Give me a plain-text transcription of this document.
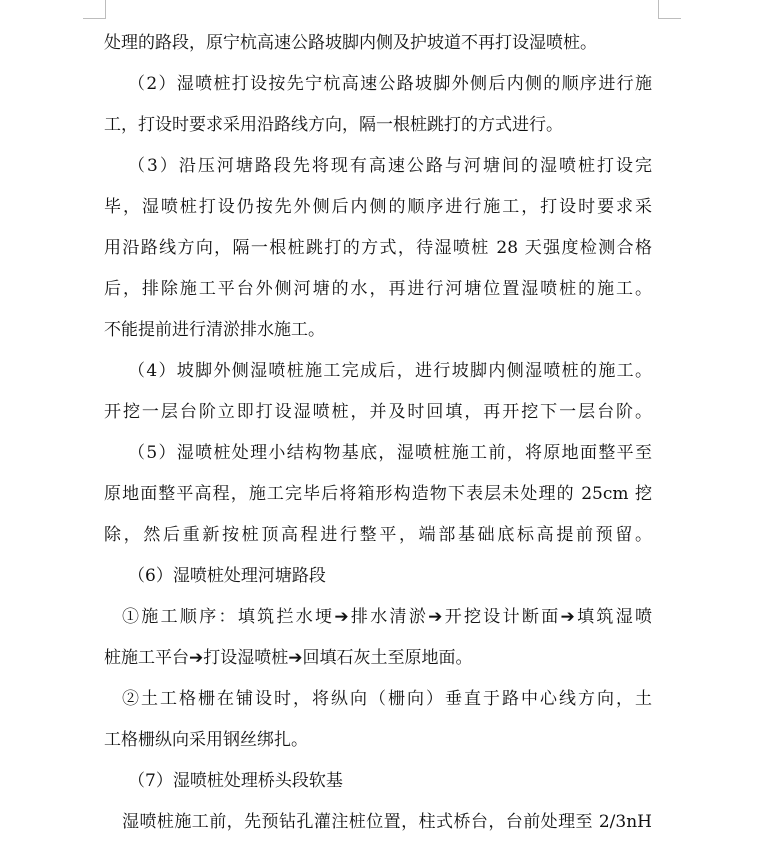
处理的路段，原宁杭高速公路坡脚内侧及护坡道不再打设湿喷桩。
（2）湿喷桩打设按先宁杭高速公路坡脚外侧后内侧的顺序进行施
工，打设时要求采用沿路线方向，隔一根桩跳打的方式进行。
（3）沿压河塘路段先将现有高速公路与河塘间的湿喷桩打设完
毕，湿喷桩打设仍按先外侧后内侧的顺序进行施工，打设时要求采
用沿路线方向，隔一根桩跳打的方式，待湿喷桩 28 天强度检测合格
后，排除施工平台外侧河塘的水，再进行河塘位置湿喷桩的施工。
不能提前进行清淤排水施工。
（4）坡脚外侧湿喷桩施工完成后，进行坡脚内侧湿喷桩的施工。
开挖一层台阶立即打设湿喷桩，并及时回填，再开挖下一层台阶。
（5）湿喷桩处理小结构物基底，湿喷桩施工前，将原地面整平至
原地面整平高程，施工完毕后将箱形构造物下表层未处理的 25cm 挖
除，然后重新按桩顶高程进行整平，端部基础底标高提前预留。
（6）湿喷桩处理河塘路段
①施工顺序：填筑拦水埂➔排水清淤➔开挖设计断面➔填筑湿喷
桩施工平台➔打设湿喷桩➔回填石灰土至原地面。
②土工格栅在铺设时，将纵向（栅向）垂直于路中心线方向，土
工格栅纵向采用钢丝绑扎。
（7）湿喷桩处理桥头段软基
湿喷桩施工前，先预钻孔灌注桩位置，柱式桥台，台前处理至 2/3nH
